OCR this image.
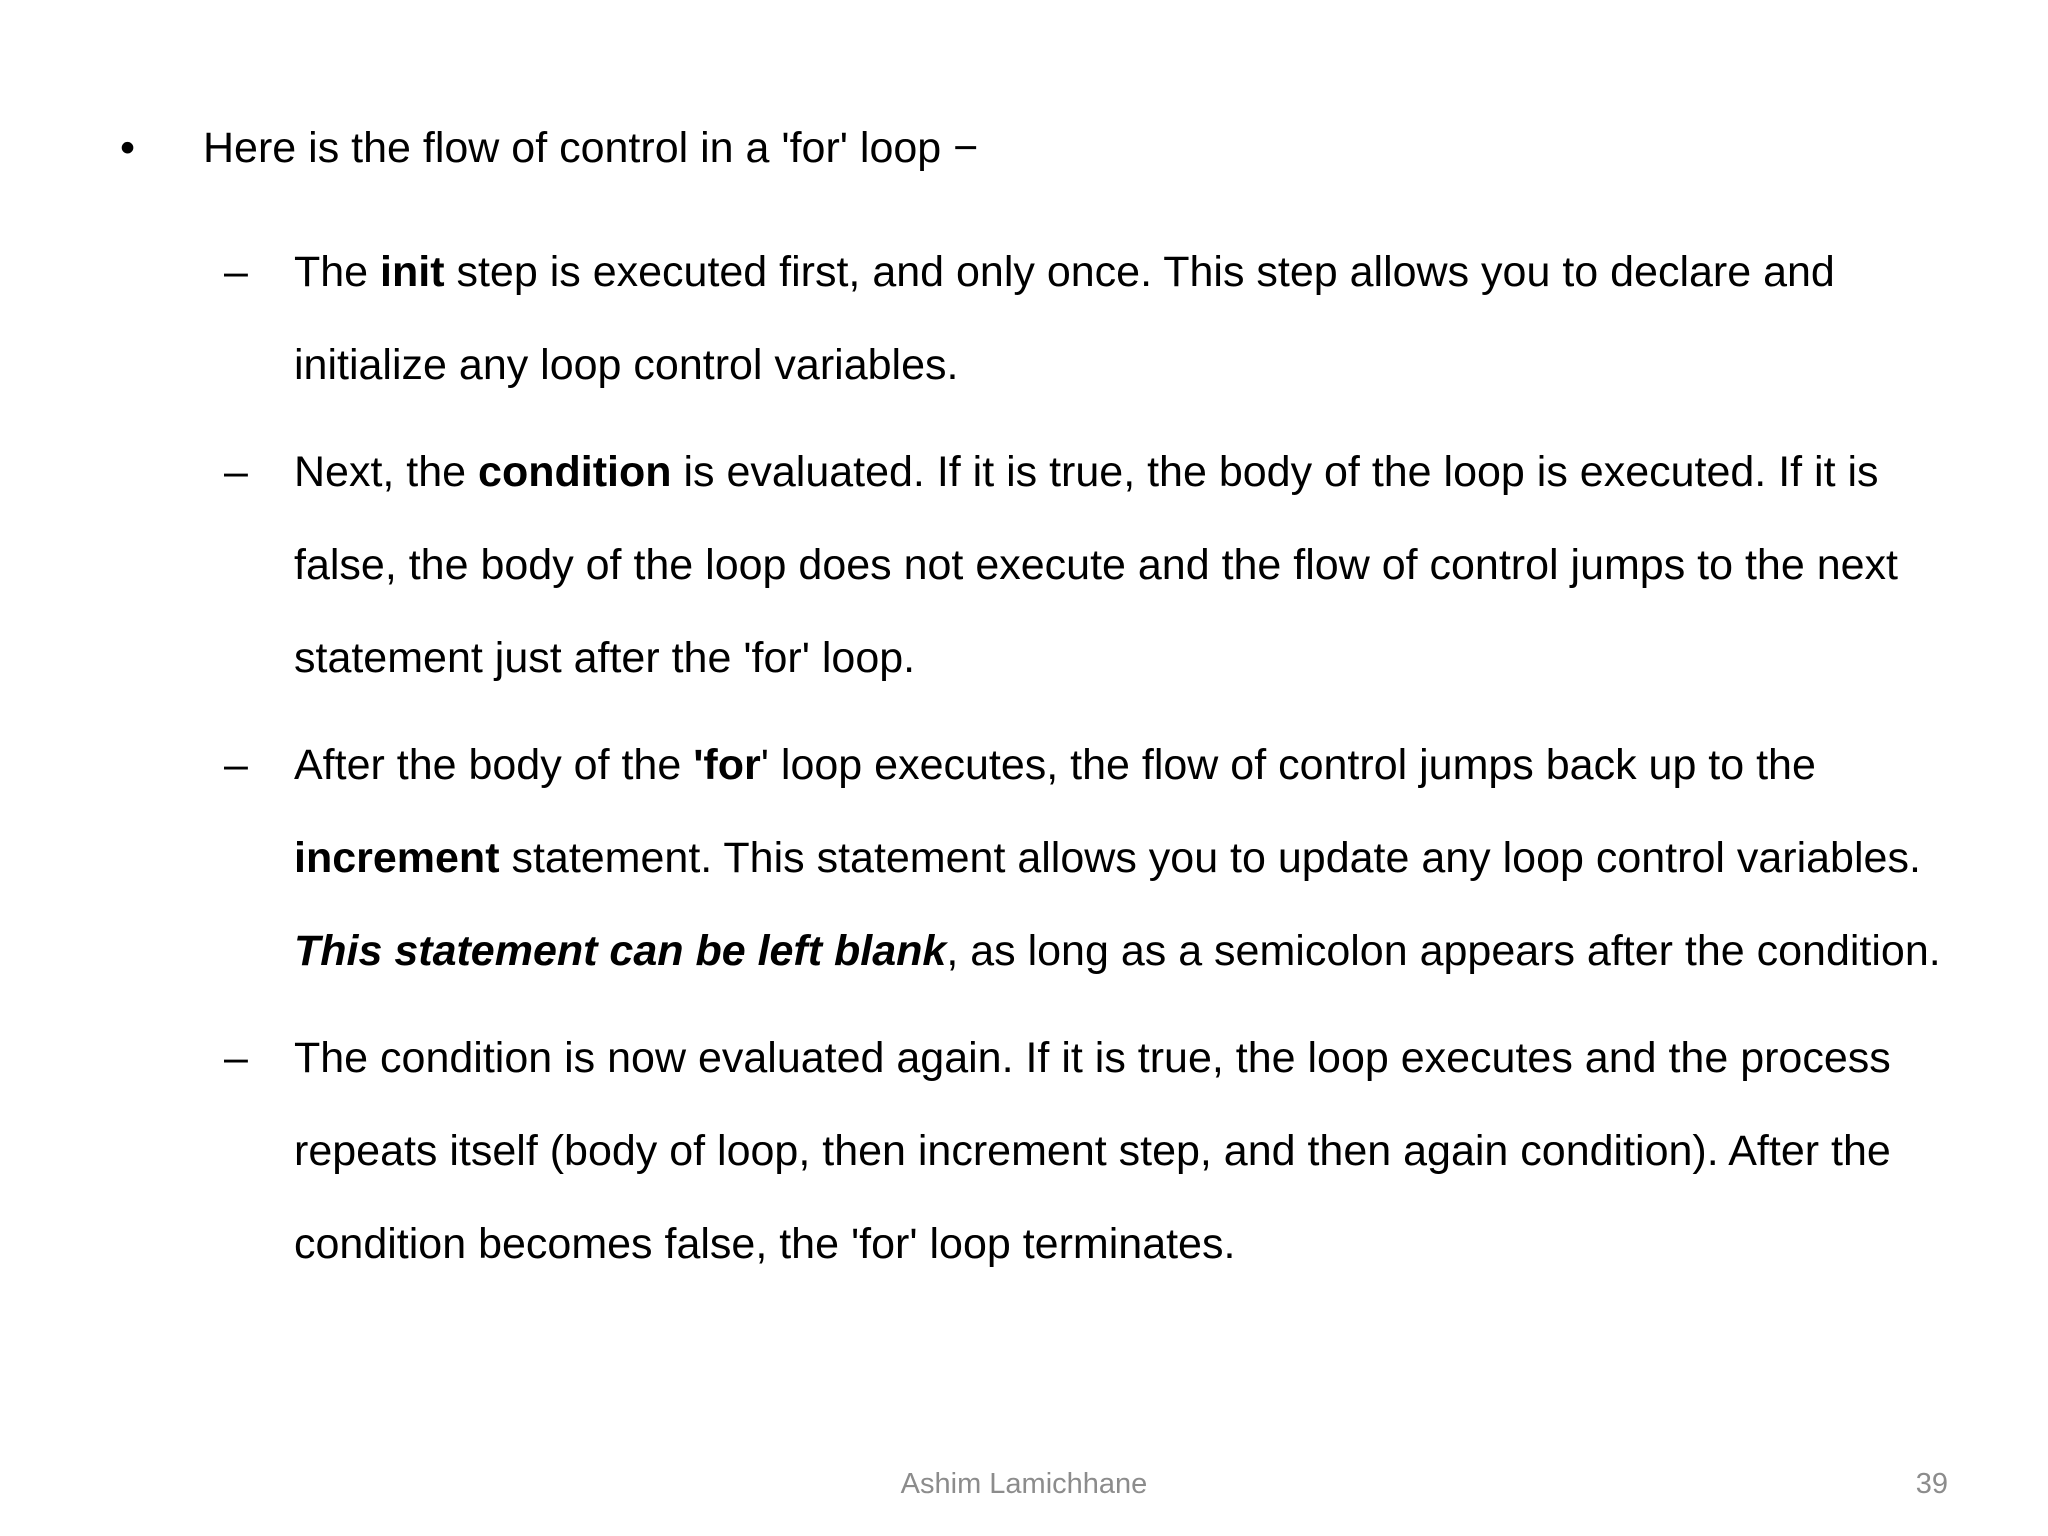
•	Here is the flow of control in a 'for' loop −
–	The init step is executed first, and only once. This step allows you to declare and initialize any loop control variables.
–	Next, the condition is evaluated. If it is true, the body of the loop is executed. If it is false, the body of the loop does not execute and the flow of control jumps to the next statement just after the 'for' loop.
–	After the body of the 'for' loop executes, the flow of control jumps back up to the increment statement. This statement allows you to update any loop control variables. This statement can be left blank, as long as a semicolon appears after the condition.
–	The condition is now evaluated again. If it is true, the loop executes and the process repeats itself (body of loop, then increment step, and then again condition). After the condition becomes false, the 'for' loop terminates.
Ashim Lamichhane	39
